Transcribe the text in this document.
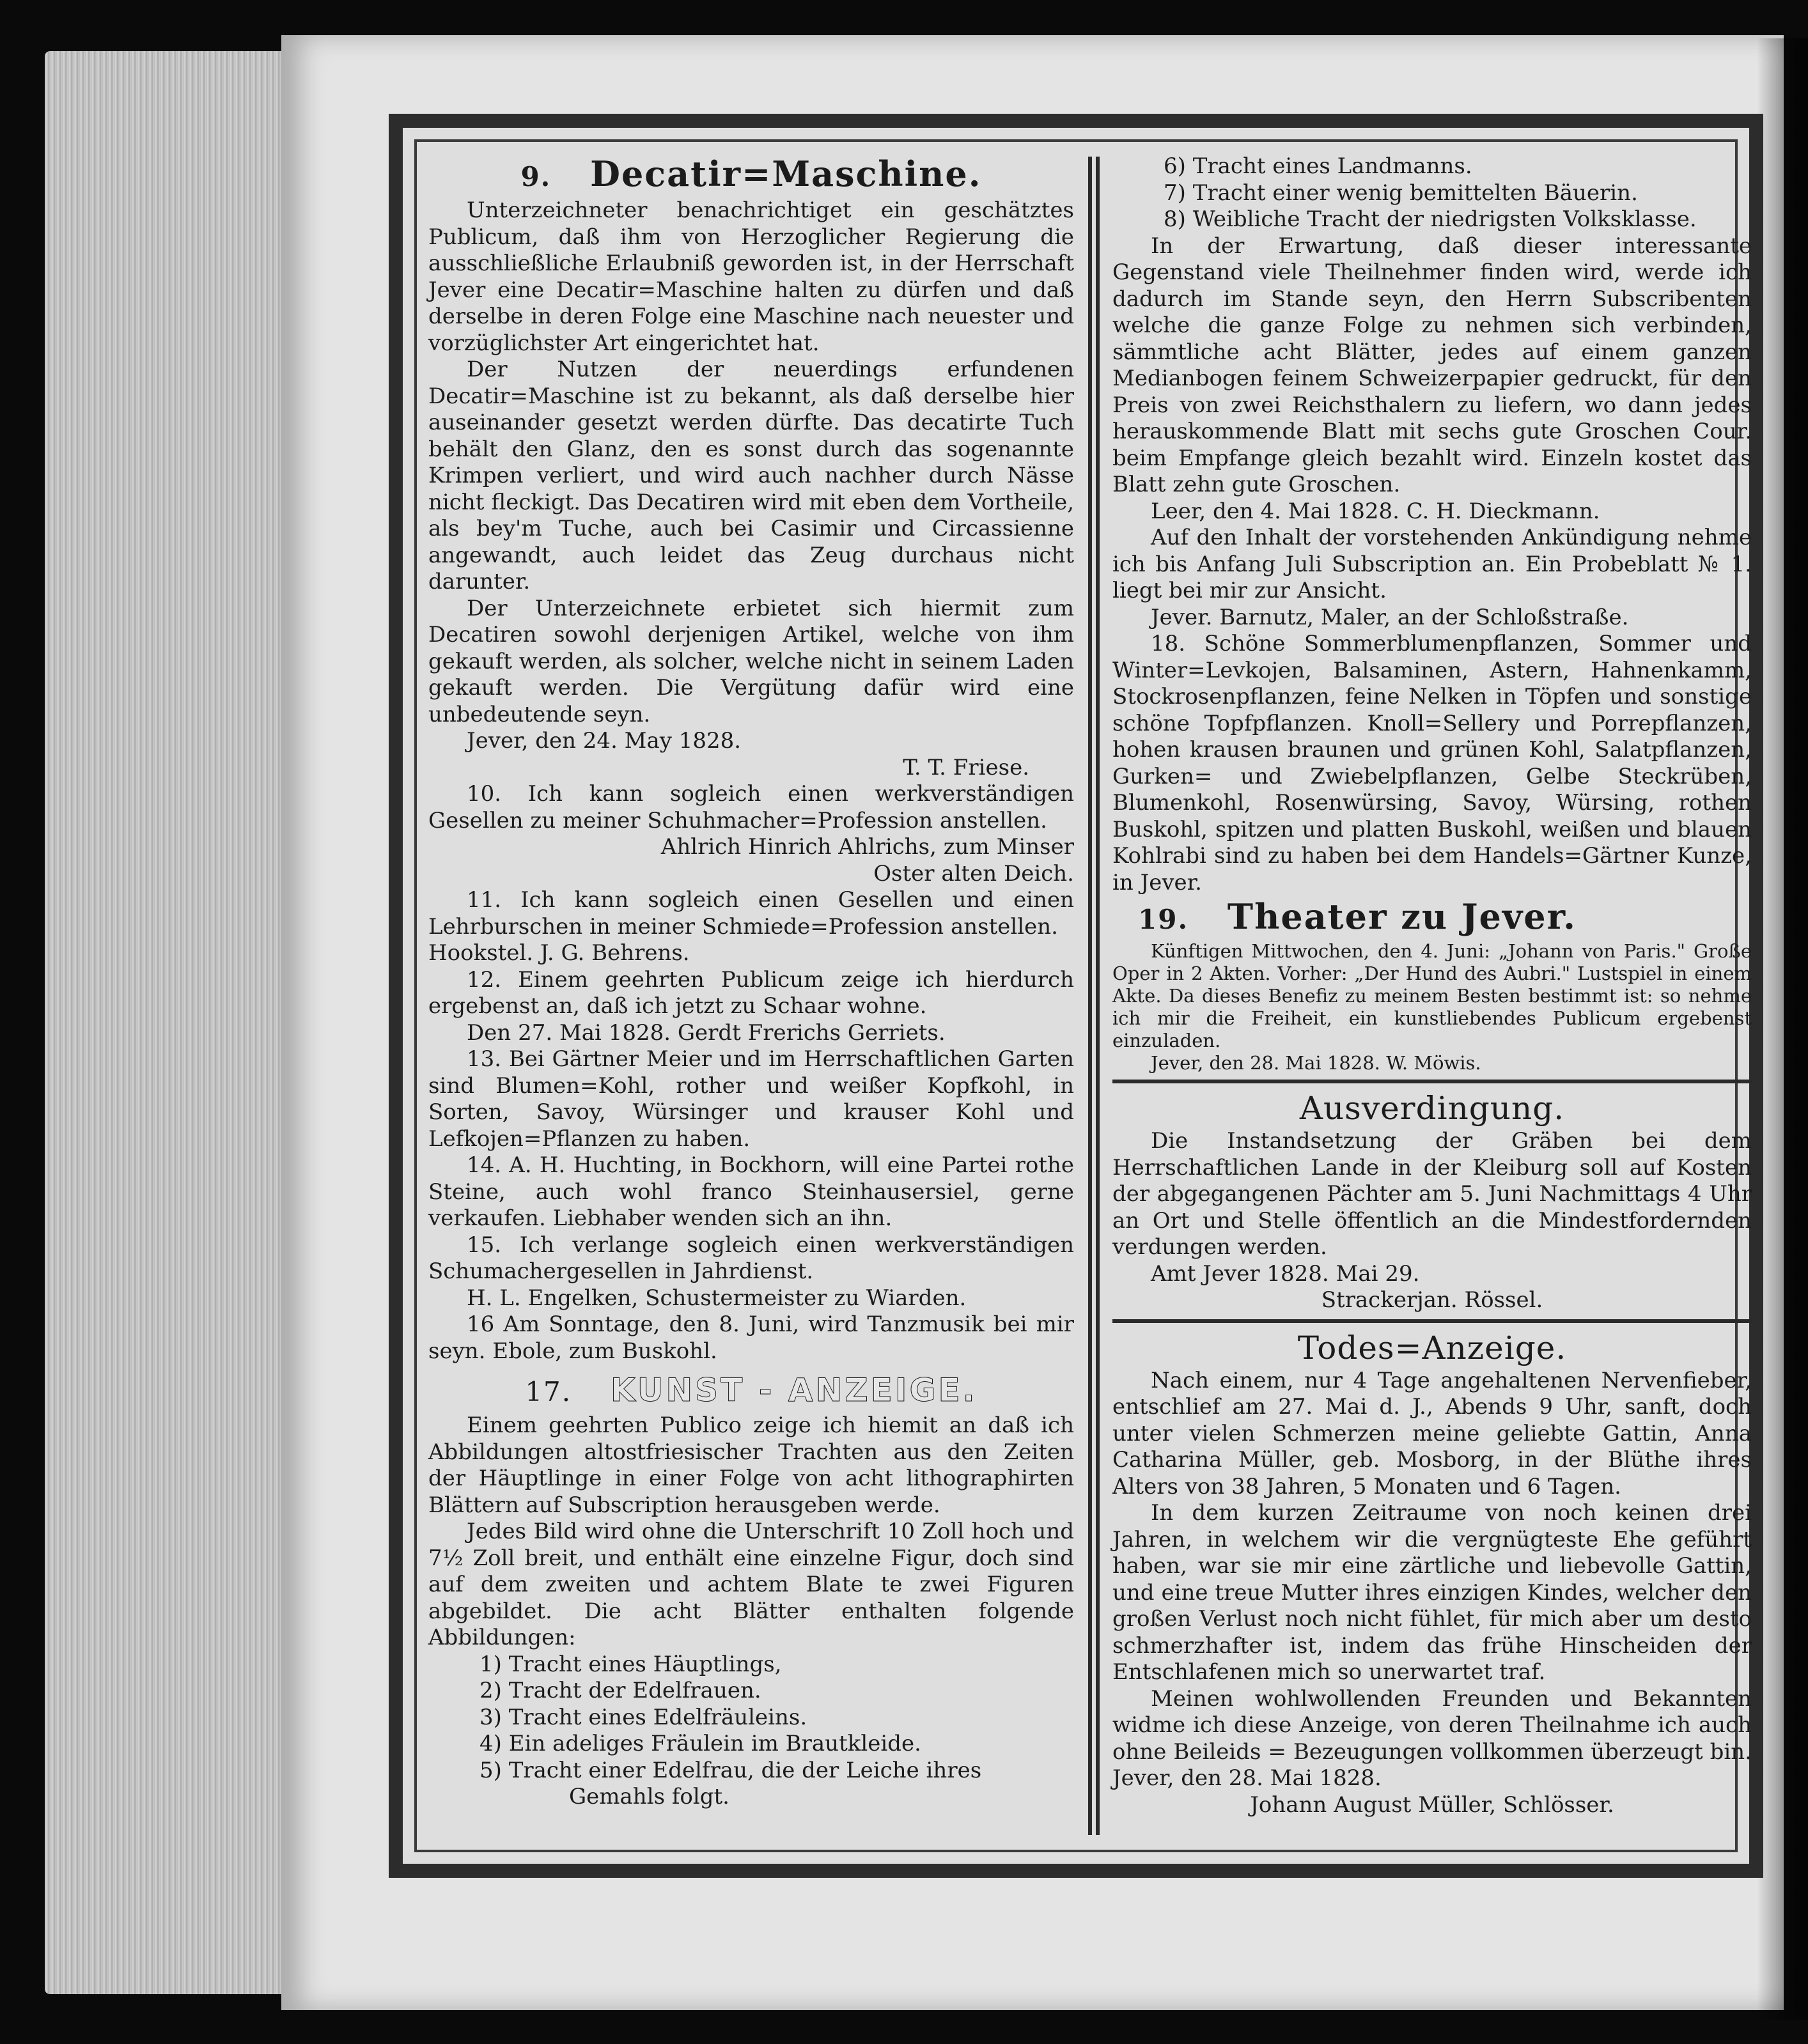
9. Decatir=Maschine.

Unterzeichneter benachrichtiget ein geschätztes Publicum, daß ihm von Herzoglicher Regierung die ausschließliche Erlaubniß geworden ist, in der Herrschaft Jever eine Decatir=Maschine halten zu dürfen und daß derselbe in deren Folge eine Maschine nach neuester und vorzüglichster Art eingerichtet hat.

Der Nutzen der neuerdings erfundenen Decatir=Maschine ist zu bekannt, als daß derselbe hier auseinander gesetzt werden dürfte. Das decatirte Tuch behält den Glanz, den es sonst durch das sogenannte Krimpen verliert, und wird auch nachher durch Nässe nicht fleckigt. Das Decatiren wird mit eben dem Vortheile, als bey'm Tuche, auch bei Casimir und Circassienne angewandt, auch leidet das Zeug durchaus nicht darunter.

Der Unterzeichnete erbietet sich hiermit zum Decatiren sowohl derjenigen Artikel, welche von ihm gekauft werden, als solcher, welche nicht in seinem Laden gekauft werden. Die Vergütung dafür wird eine unbedeutende seyn.

Jever, den 24. May 1828.

T. T. Friese.

10. Ich kann sogleich einen werkverständigen Gesellen zu meiner Schuhmacher=Profession anstellen.

Ahlrich Hinrich Ahlrichs, zum Minser

Oster alten Deich.

11. Ich kann sogleich einen Gesellen und einen Lehrburschen in meiner Schmiede=Profession anstellen.

Hookstel. J. G. Behrens.

12. Einem geehrten Publicum zeige ich hierdurch ergebenst an, daß ich jetzt zu Schaar wohne.

Den 27. Mai 1828. Gerdt Frerichs Gerriets.

13. Bei Gärtner Meier und im Herrschaftlichen Garten sind Blumen=Kohl, rother und weißer Kopfkohl, in Sorten, Savoy, Würsinger und krauser Kohl und Lefkojen=Pflanzen zu haben.

14. A. H. Huchting, in Bockhorn, will eine Partei rothe Steine, auch wohl franco Steinhausersiel, gerne verkaufen. Liebhaber wenden sich an ihn.

15. Ich verlange sogleich einen werkverständigen Schumachergesellen in Jahrdienst.

H. L. Engelken, Schustermeister zu Wiarden.

16 Am Sonntage, den 8. Juni, wird Tanzmusik bei mir seyn. Ebole, zum Buskohl.

17. KUNST - ANZEIGE.

Einem geehrten Publico zeige ich hiemit an daß ich Abbildungen altostfriesischer Trachten aus den Zeiten der Häuptlinge in einer Folge von acht lithographirten Blättern auf Subscription herausgeben werde.

Jedes Bild wird ohne die Unterschrift 10 Zoll hoch und 7½ Zoll breit, und enthält eine einzelne Figur, doch sind auf dem zweiten und achtem Blate te zwei Figuren abgebildet. Die acht Blätter enthalten folgende Abbildungen:

1) Tracht eines Häuptlings,

2) Tracht der Edelfrauen.

3) Tracht eines Edelfräuleins.

4) Ein adeliges Fräulein im Brautkleide.

5) Tracht einer Edelfrau, die der Leiche ihres

Gemahls folgt.

6) Tracht eines Landmanns.

7) Tracht einer wenig bemittelten Bäuerin.

8) Weibliche Tracht der niedrigsten Volksklasse.

In der Erwartung, daß dieser interessante Gegenstand viele Theilnehmer finden wird, werde ich dadurch im Stande seyn, den Herrn Subscribenten welche die ganze Folge zu nehmen sich verbinden, sämmtliche acht Blätter, jedes auf einem ganzen Medianbogen feinem Schweizerpapier gedruckt, für den Preis von zwei Reichsthalern zu liefern, wo dann jedes herauskommende Blatt mit sechs gute Groschen Cour. beim Empfange gleich bezahlt wird. Einzeln kostet das Blatt zehn gute Groschen.

Leer, den 4. Mai 1828. C. H. Dieckmann.

Auf den Inhalt der vorstehenden Ankündigung nehme ich bis Anfang Juli Subscription an. Ein Probeblatt № 1. liegt bei mir zur Ansicht.

Jever. Barnutz, Maler, an der Schloßstraße.

18. Schöne Sommerblumenpflanzen, Sommer und Winter=Levkojen, Balsaminen, Astern, Hahnenkamm, Stockrosenpflanzen, feine Nelken in Töpfen und sonstige schöne Topfpflanzen. Knoll=Sellery und Porrepflanzen, hohen krausen braunen und grünen Kohl, Salatpflanzen, Gurken= und Zwiebelpflanzen, Gelbe Steckrüben, Blumenkohl, Rosenwürsing, Savoy, Würsing, rothen Buskohl, spitzen und platten Buskohl, weißen und blauen Kohlrabi sind zu haben bei dem Handels=Gärtner Kunze, in Jever.

19. Theater zu Jever.

Künftigen Mittwochen, den 4. Juni: „Johann von Paris." Große Oper in 2 Akten. Vorher: „Der Hund des Aubri." Lustspiel in einem Akte. Da dieses Benefiz zu meinem Besten bestimmt ist: so nehme ich mir die Freiheit, ein kunstliebendes Publicum ergebenst einzuladen.

Jever, den 28. Mai 1828. W. Möwis.

Ausverdingung.

Die Instandsetzung der Gräben bei dem Herrschaftlichen Lande in der Kleiburg soll auf Kosten der abgegangenen Pächter am 5. Juni Nachmittags 4 Uhr an Ort und Stelle öffentlich an die Mindestfordernden verdungen werden.

Amt Jever 1828. Mai 29.

Strackerjan. Rössel.

Todes=Anzeige.

Nach einem, nur 4 Tage angehaltenen Nervenfieber, entschlief am 27. Mai d. J., Abends 9 Uhr, sanft, doch unter vielen Schmerzen meine geliebte Gattin, Anna Catharina Müller, geb. Mosborg, in der Blüthe ihres Alters von 38 Jahren, 5 Monaten und 6 Tagen.

In dem kurzen Zeitraume von noch keinen drei Jahren, in welchem wir die vergnügteste Ehe geführt haben, war sie mir eine zärtliche und liebevolle Gattin, und eine treue Mutter ihres einzigen Kindes, welcher den großen Verlust noch nicht fühlet, für mich aber um desto schmerzhafter ist, indem das frühe Hinscheiden der Entschlafenen mich so unerwartet traf.

Meinen wohlwollenden Freunden und Bekannten widme ich diese Anzeige, von deren Theilnahme ich auch ohne Beileids = Bezeugungen vollkommen überzeugt bin. Jever, den 28. Mai 1828.

Johann August Müller, Schlösser.
